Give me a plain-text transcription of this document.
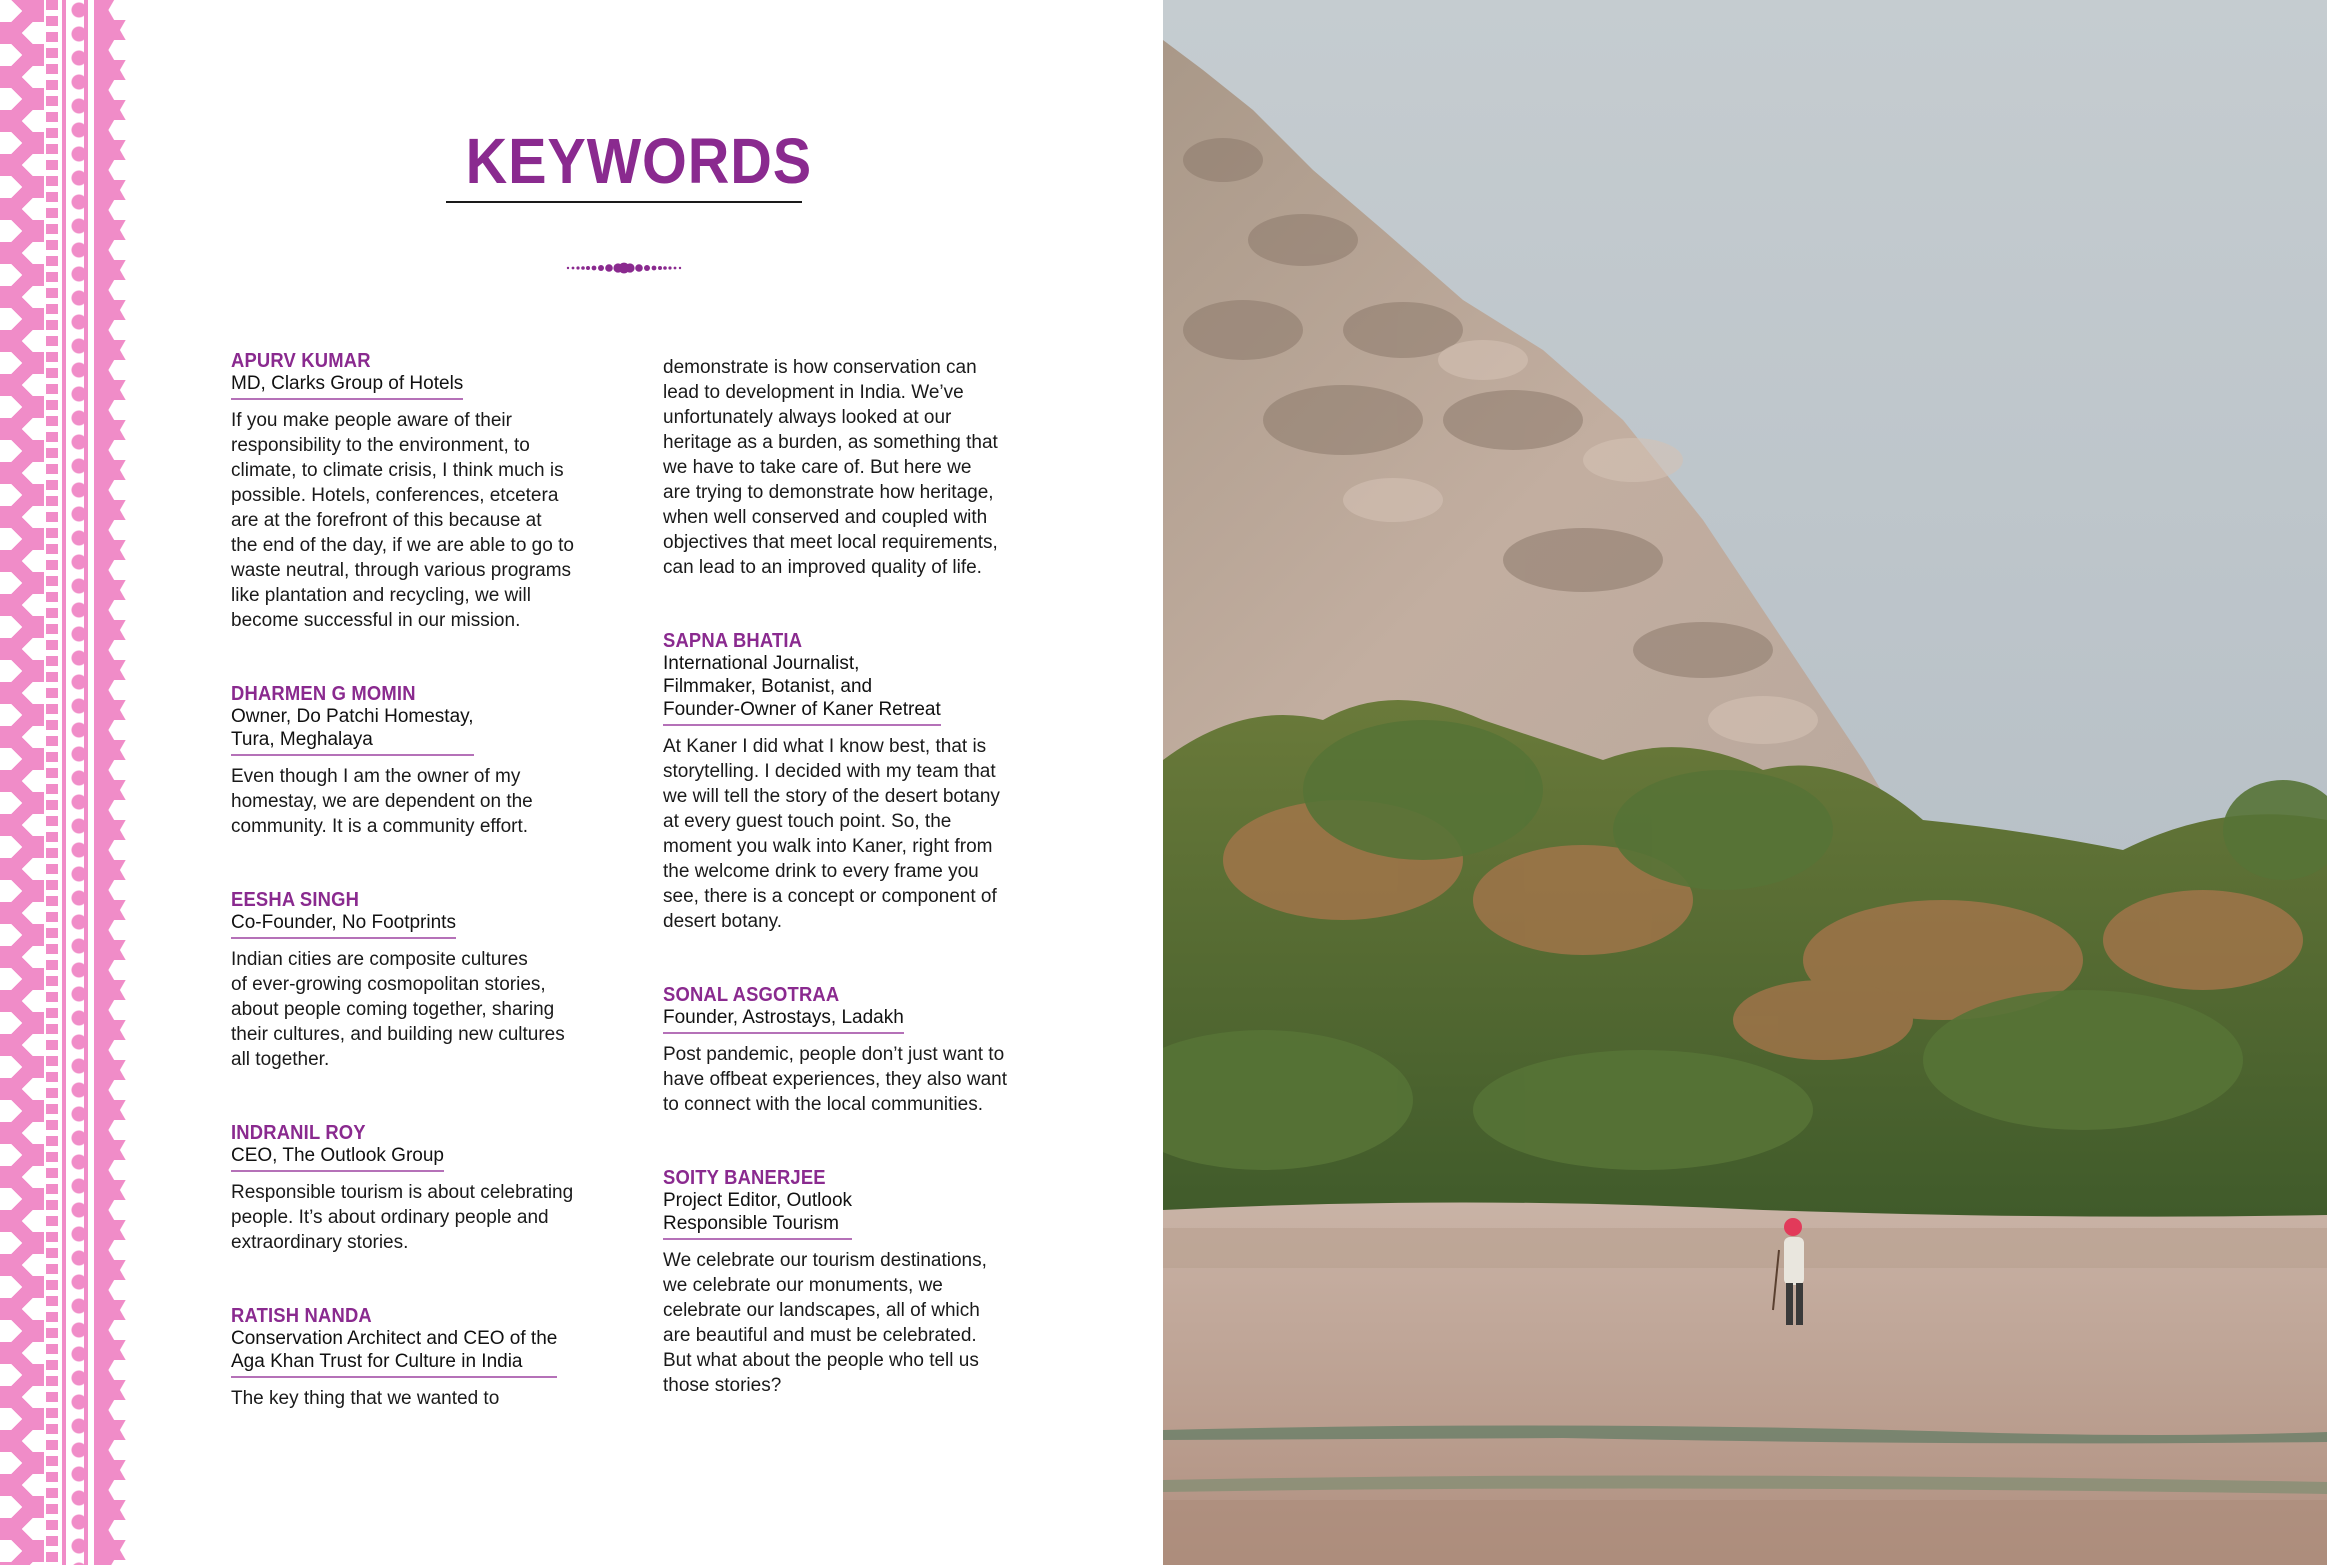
KEYWORDS
APURV KUMAR
MD, Clarks Group of Hotels
If you make people aware of their
responsibility to the environment, to
climate, to climate crisis, I think much is
possible. Hotels, conferences, etcetera
are at the forefront of this because at
the end of the day, if we are able to go to
waste neutral, through various programs
like plantation and recycling, we will
become successful in our mission.
DHARMEN G MOMIN
Owner, Do Patchi Homestay,
Tura, Meghalaya
Even though I am the owner of my
homestay, we are dependent on the
community. It is a community effort.
EESHA SINGH
Co-Founder, No Footprints
Indian cities are composite cultures
of ever-growing cosmopolitan stories,
about people coming together, sharing
their cultures, and building new cultures
all together.
INDRANIL ROY
CEO, The Outlook Group
Responsible tourism is about celebrating
people. It’s about ordinary people and
extraordinary stories.
RATISH NANDA
Conservation Architect and CEO of the
Aga Khan Trust for Culture in India
The key thing that we wanted to
demonstrate is how conservation can
lead to development in India. We’ve
unfortunately always looked at our
heritage as a burden, as something that
we have to take care of. But here we
are trying to demonstrate how heritage,
when well conserved and coupled with
objectives that meet local requirements,
can lead to an improved quality of life.
SAPNA BHATIA
International Journalist,
Filmmaker, Botanist, and
Founder-Owner of Kaner Retreat
At Kaner I did what I know best, that is
storytelling. I decided with my team that
we will tell the story of the desert botany
at every guest touch point. So, the
moment you walk into Kaner, right from
the welcome drink to every frame you
see, there is a concept or component of
desert botany.
SONAL ASGOTRAA
Founder, Astrostays, Ladakh
Post pandemic, people don’t just want to
have offbeat experiences, they also want
to connect with the local communities.
SOITY BANERJEE
Project Editor, Outlook
Responsible Tourism
We celebrate our tourism destinations,
we celebrate our monuments, we
celebrate our landscapes, all of which
are beautiful and must be celebrated.
But what about the people who tell us
those stories?
